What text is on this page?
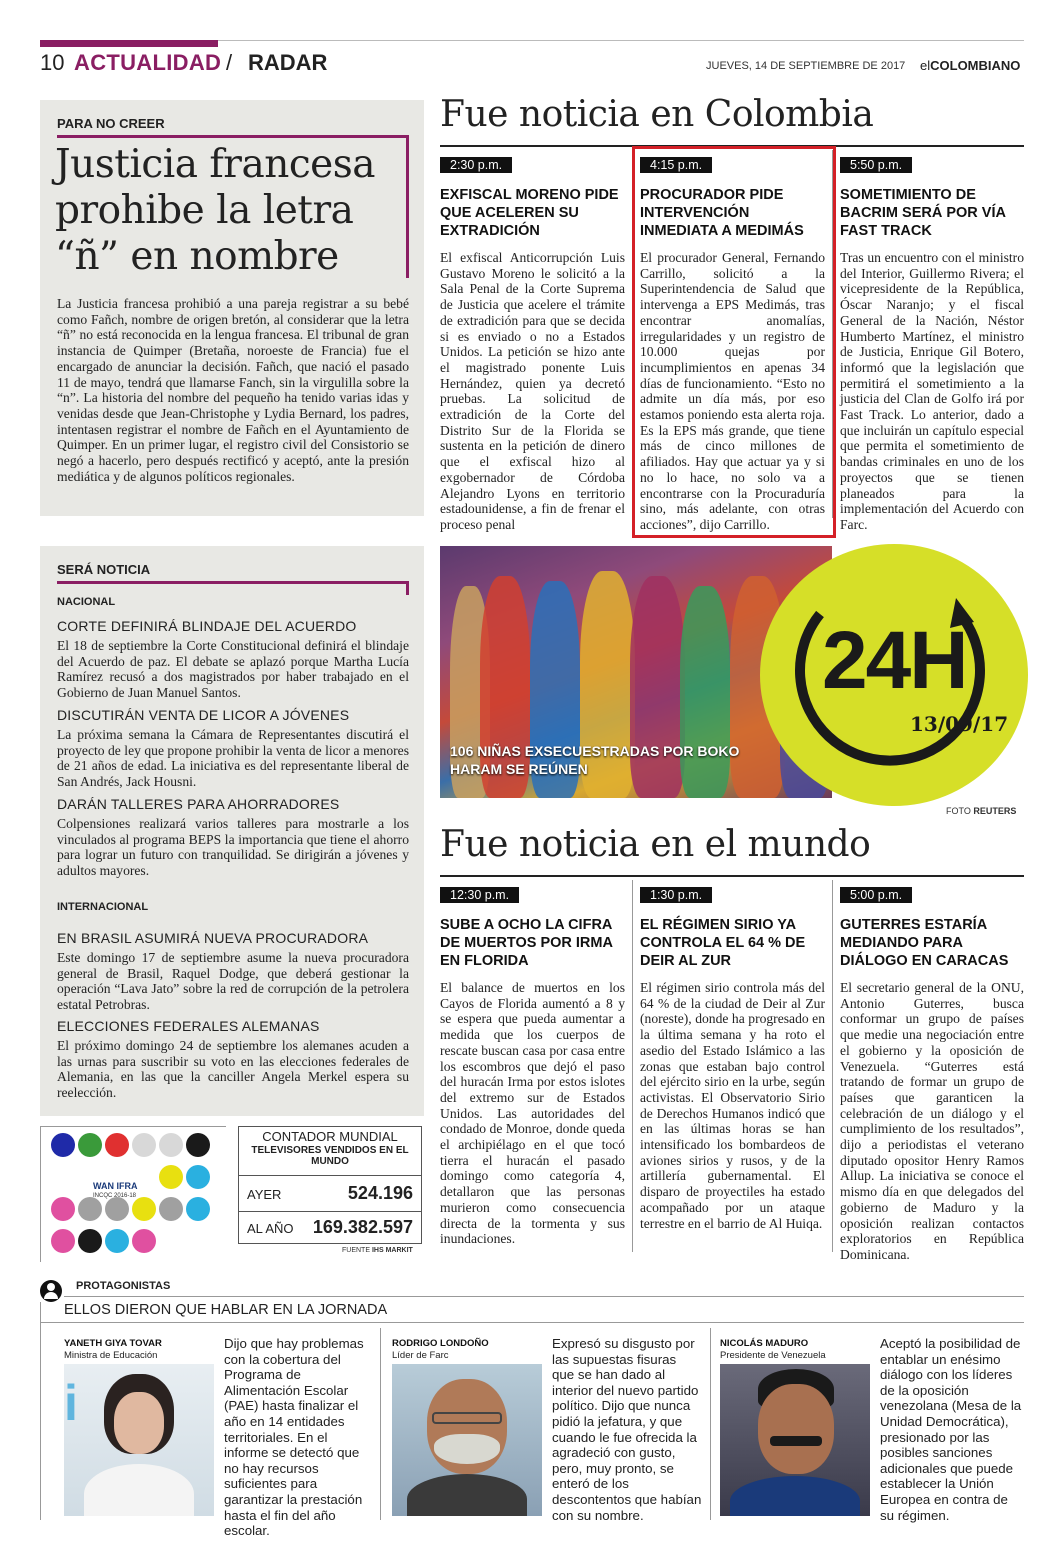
10 ACTUALIDAD / RADAR	JUEVES, 14 DE SEPTIEMBRE DE 2017 elCOLOMBIANO
PARA NO CREER
Justicia francesa prohibe la letra “ñ” en nombre
La Justicia francesa prohibió a una pareja registrar a su bebé como Fañch, nombre de origen bretón, al considerar que la letra “ñ” no está reconocida en la lengua francesa. El tribunal de gran instancia de Quimper (Bretaña, noroeste de Francia) fue el encargado de anunciar la decisión. Fañch, que nació el pasado 11 de mayo, tendrá que llamarse Fanch, sin la virgulilla sobre la “n”. La historia del nombre del pequeño ha tenido varias idas y venidas desde que Jean-Christophe y Lydia Bernard, los padres, intentasen registrar el nombre de Fañch en el Ayuntamiento de Quimper. En un primer lugar, el registro civil del Consistorio se negó a hacerlo, pero después rectificó y aceptó, ante la presión mediática y de algunos políticos regionales.
Fue noticia en Colombia
2:30 p.m.
EXFISCAL MORENO PIDE QUE ACELEREN SU EXTRADICIÓN
El exfiscal Anticorrupción Luis Gustavo Moreno le solicitó a la Sala Penal de la Corte Suprema de Justicia que acelere el trámite de extradición para que se decida si es enviado o no a Estados Unidos. La petición se hizo ante el magistrado ponente Luis Hernández, quien ya decretó pruebas. La solicitud de extradición de la Corte del Distrito Sur de la Florida se sustenta en la petición de dinero que el exfiscal hizo al exgobernador de Córdoba Alejandro Lyons en territorio estadounidense, a fin de frenar el proceso penal
4:15 p.m.
PROCURADOR PIDE INTERVENCIÓN INMEDIATA A MEDIMÁS
El procurador General, Fernando Carrillo, solicitó a la Superintendencia de Salud que intervenga a EPS Medimás, tras encontrar anomalías, irregularidades y un registro de 10.000 quejas por incumplimientos en apenas 34 días de funcionamiento. “Esto no admite un día más, por eso estamos poniendo esta alerta roja. Es la EPS más grande, que tiene más de cinco millones de afiliados. Hay que actuar ya y si no lo hace, no solo va a encontrarse con la Procuraduría sino, más adelante, con otras acciones”, dijo Carrillo.
5:50 p.m.
SOMETIMIENTO DE BACRIM SERÁ POR VÍA FAST TRACK
Tras un encuentro con el ministro del Interior, Guillermo Rivera; el vicepresidente de la República, Óscar Naranjo; y el fiscal General de la Nación, Néstor Humberto Martínez, el ministro de Justicia, Enrique Gil Botero, informó que la legislación que permitirá el sometimiento a la justicia del Clan de Golfo irá por Fast Track. Lo anterior, dado a que incluirán un capítulo especial que permita el sometimiento de bandas criminales en uno de los proyectos que se tienen planeados para la implementación del Acuerdo con Farc.
SERÁ NOTICIA
NACIONAL
CORTE DEFINIRÁ BLINDAJE DEL ACUERDO
El 18 de septiembre la Corte Constitucional definirá el blindaje del Acuerdo de paz. El debate se aplazó porque Martha Lucía Ramírez recusó a dos magistrados por haber trabajado en el Gobierno de Juan Manuel Santos.
DISCUTIRÁN VENTA DE LICOR A JÓVENES
La próxima semana la Cámara de Representantes discutirá el proyecto de ley que propone prohibir la venta de licor a menores de 21 años de edad. La iniciativa es del representante liberal de San Andrés, Jack Housni.
DARÁN TALLERES PARA AHORRADORES
Colpensiones realizará varios talleres para mostrarle a los vinculados al programa BEPS la importancia que tiene el ahorro para lograr un futuro con tranquilidad. Se dirigirán a jóvenes y adultos mayores.
INTERNACIONAL
EN BRASIL ASUMIRÁ NUEVA PROCURADORA
Este domingo 17 de septiembre asume la nueva procuradora general de Brasil, Raquel Dodge, que deberá gestionar la operación “Lava Jato” sobre la red de corrupción de la petrolera estatal Petrobras.
ELECCIONES FEDERALES ALEMANAS
El próximo domingo 24 de septiembre los alemanes acuden a las urnas para suscribir su voto en las elecciones federales de Alemania, en las que la canciller Angela Merkel espera su reelección.
106 NIÑAS EXSECUESTRADAS POR BOKO HARAM SE REÚNEN
24H
13/09/17
FOTO REUTERS
Fue noticia en el mundo
12:30 p.m.
SUBE A OCHO LA CIFRA DE MUERTOS POR IRMA EN FLORIDA
El balance de muertos en los Cayos de Florida aumentó a 8 y se espera que pueda aumentar a medida que los cuerpos de rescate buscan casa por casa entre los escombros que dejó el paso del huracán Irma por estos islotes del extremo sur de Estados Unidos. Las autoridades del condado de Monroe, donde queda el archipiélago en el que tocó tierra el huracán el pasado domingo como categoría 4, detallaron que las personas murieron como consecuencia directa de la tormenta y sus inundaciones.
1:30 p.m.
EL RÉGIMEN SIRIO YA CONTROLA EL 64 % DE DEIR AL ZUR
El régimen sirio controla más del 64 % de la ciudad de Deir al Zur (noreste), donde ha progresado en la última semana y ha roto el asedio del Estado Islámico a las zonas que estaban bajo control del ejército sirio en la urbe, según activistas. El Observatorio Sirio de Derechos Humanos indicó que en las últimas horas se han intensificado los bombardeos de aviones sirios y rusos, y de la artillería gubernamental. El disparo de proyectiles ha estado acompañado por un ataque terrestre en el barrio de Al Huiqa.
5:00 p.m.
GUTERRES ESTARÍA MEDIANDO PARA DIÁLOGO EN CARACAS
El secretario general de la ONU, Antonio Guterres, busca conformar un grupo de países que medie una negociación entre el gobierno y la oposición de Venezuela. “Guterres está tratando de formar un grupo de países que garanticen la celebración de un diálogo y el cumplimiento de los resultados”, dijo a periodistas el veterano diputado opositor Henry Ramos Allup. La iniciativa se conoce el mismo día en que delegados del gobierno de Maduro y la oposición realizan contactos exploratorios en República Dominicana.
WAN IFRA
INCQC 2016-18
CONTADOR MUNDIAL
TELEVISORES VENDIDOS EN EL MUNDO
AYER	524.196
AL AÑO 169.382.597
FUENTE IHS MARKIT
PROTAGONISTAS
ELLOS DIERON QUE HABLAR EN LA JORNADA
YANETH GIYA TOVAR
Ministra de Educación
i
Dijo que hay problemas con la cobertura del Programa de Alimentación Escolar (PAE) hasta finalizar el año en 14 entidades territoriales. En el informe se detectó que no hay recursos suficientes para garantizar la prestación hasta el fin del año escolar.
RODRIGO LONDOÑO
Líder de Farc
Expresó su disgusto por las supuestas fisuras que se han dado al interior del nuevo partido político. Dijo que nunca pidió la jefatura, y que cuando le fue ofrecida la agradeció con gusto, pero, muy pronto, se enteró de los descontentos que habían con su nombre.
NICOLÁS MADURO
Presidente de Venezuela
Aceptó la posibilidad de entablar un enésimo diálogo con los líderes de la oposición venezolana (Mesa de la Unidad Democrática), presionado por las posibles sanciones adicionales que puede establecer la Unión Europea en contra de su régimen.
